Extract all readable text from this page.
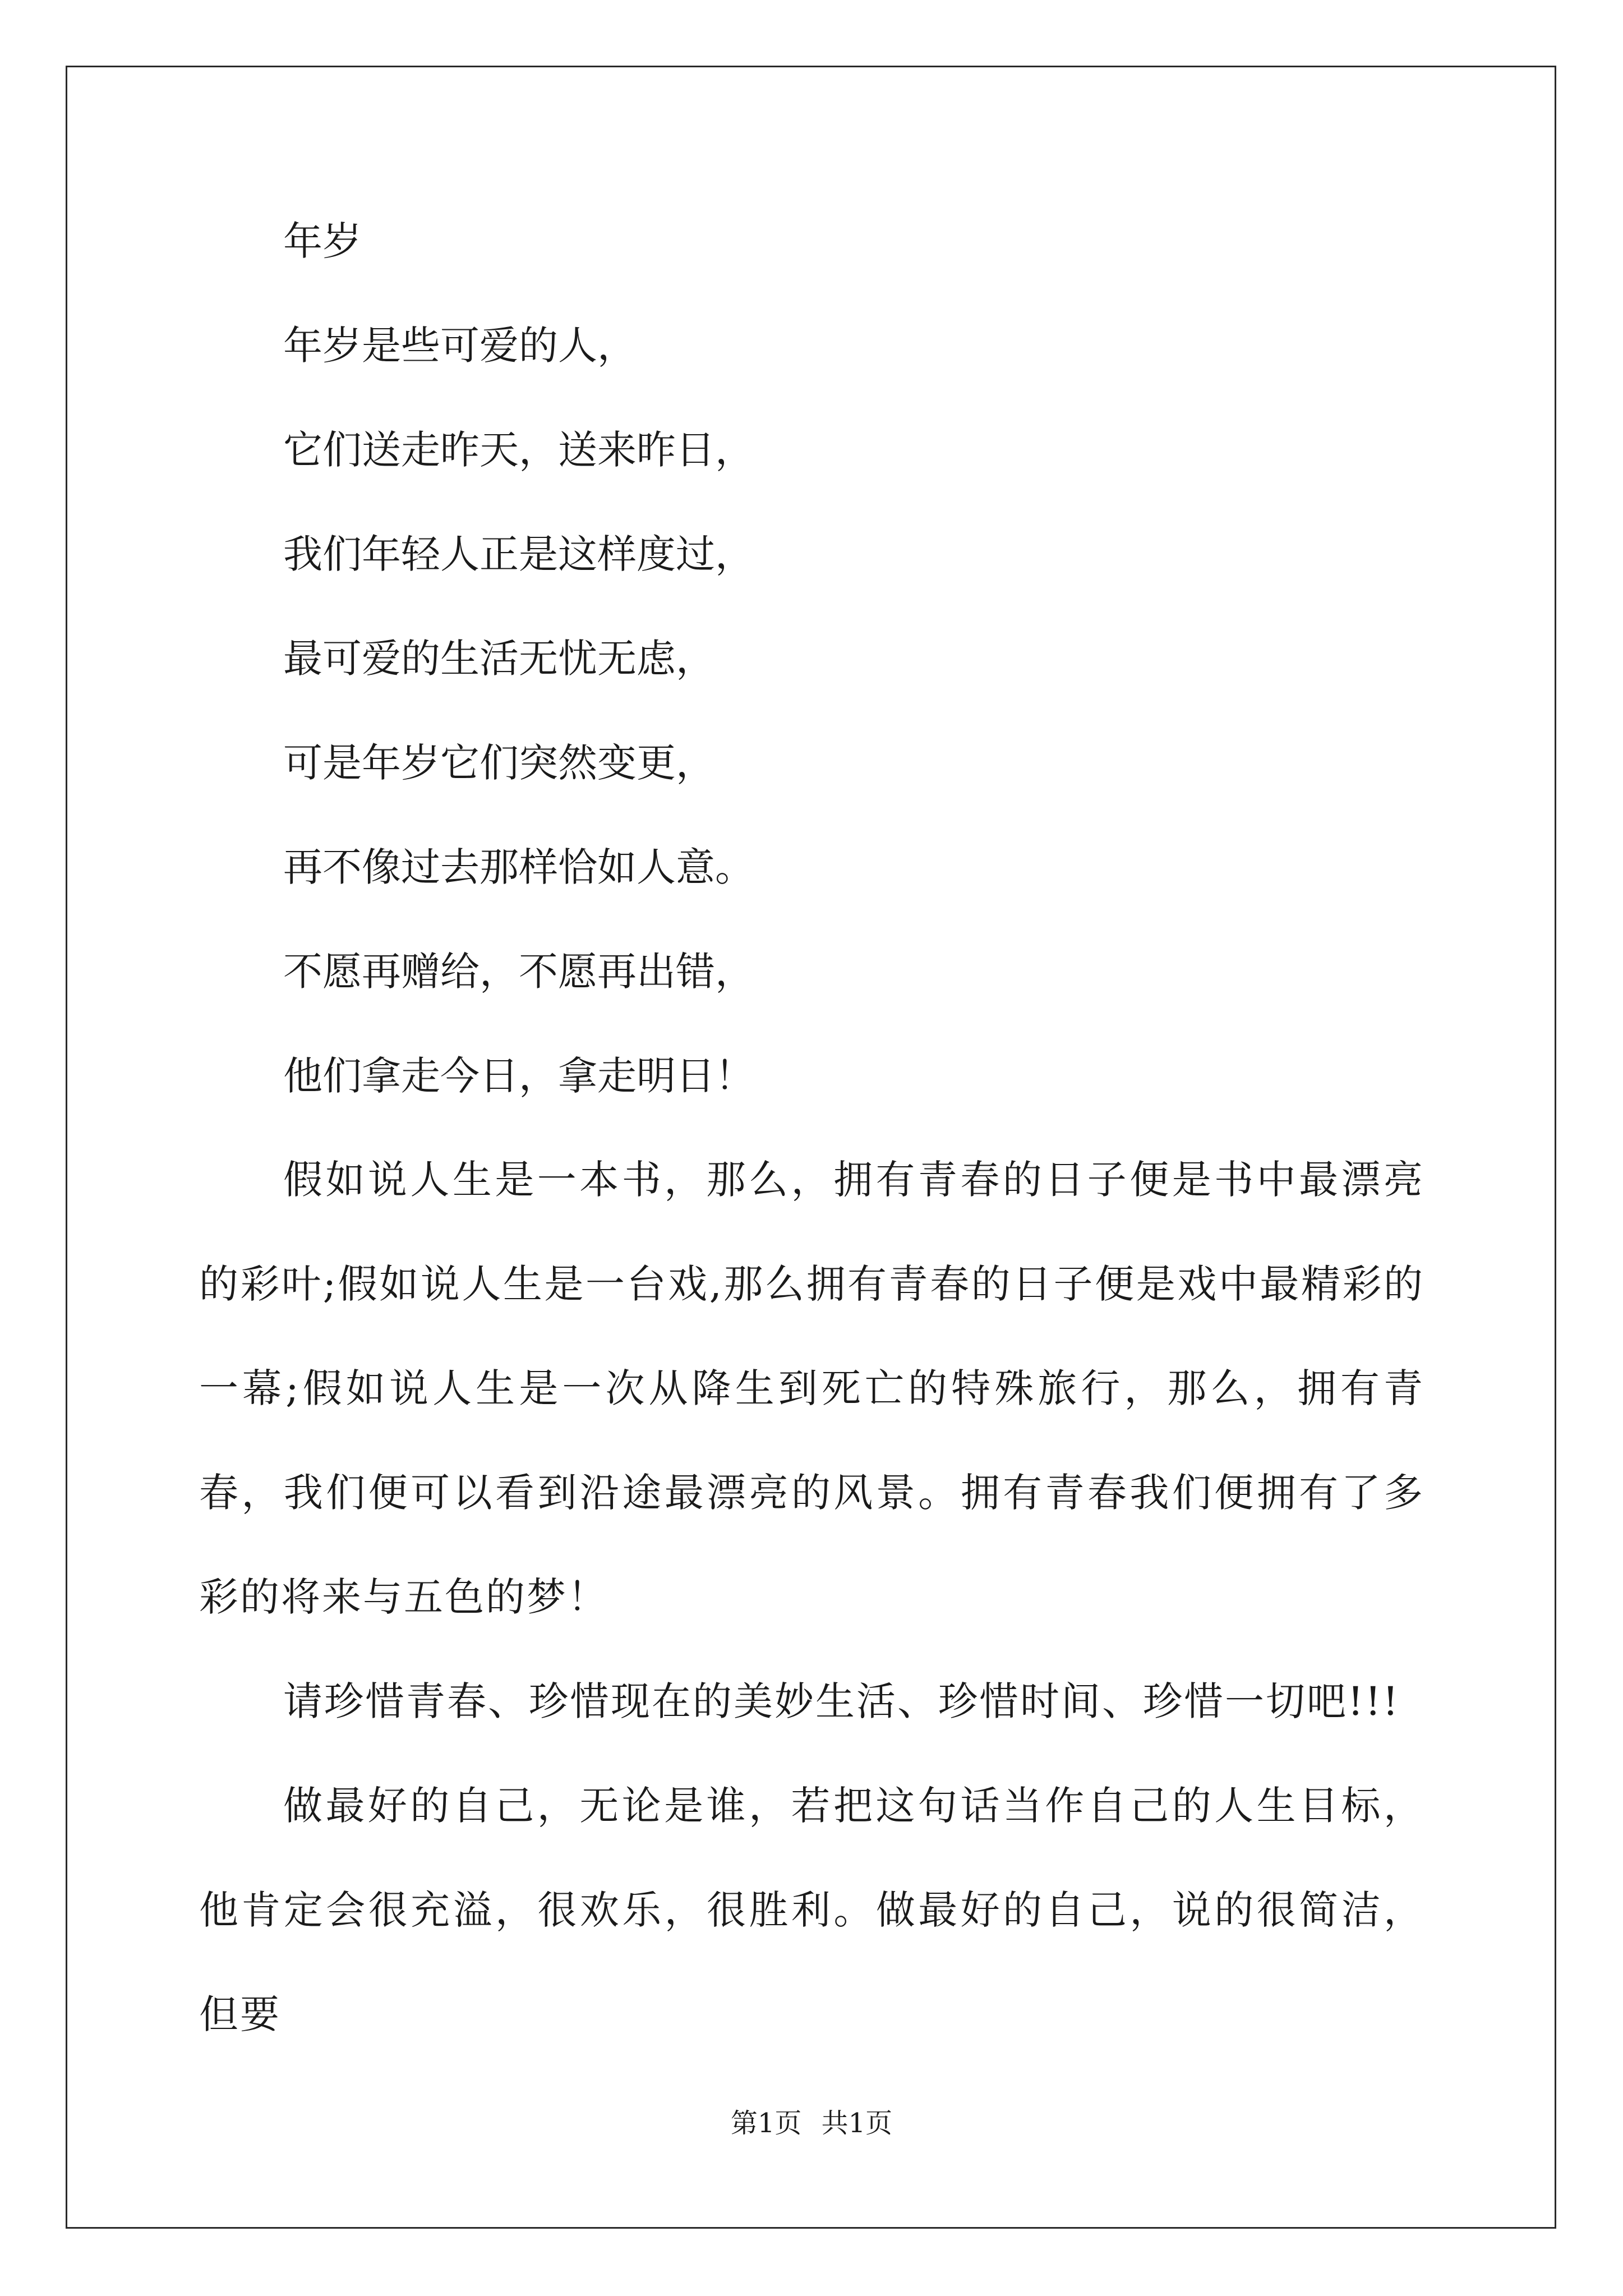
年岁

年岁是些可爱的人，

它们送走昨天，送来昨日，

我们年轻人正是这样度过，

最可爱的生活无忧无虑，

可是年岁它们突然变更，

再不像过去那样恰如人意。

不愿再赠给，不愿再出错，

他们拿走今日，拿走明日！

假如说人生是一本书，那么，拥有青春的日子便是书中最漂亮的彩叶;假如说人生是一台戏,那么拥有青春的日子便是戏中最精彩的一幕;假如说人生是一次从降生到死亡的特殊旅行，那么，拥有青春，我们便可以看到沿途最漂亮的风景。拥有青春我们便拥有了多彩的将来与五色的梦！

请珍惜青春、珍惜现在的美妙生活、珍惜时间、珍惜一切吧!!!

做最好的自己，无论是谁，若把这句话当作自己的人生目标，他肯定会很充溢，很欢乐，很胜利。做最好的自己，说的很简洁，但要

第1页 共1页
